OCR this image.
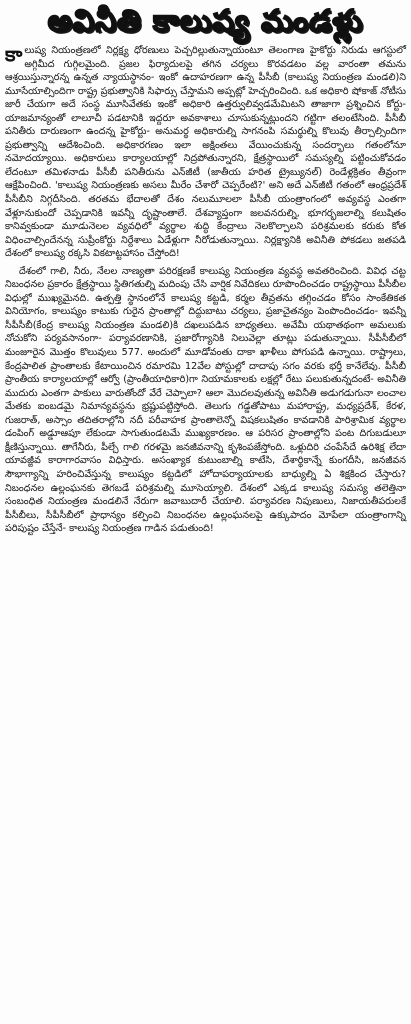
అవినీతి కాలుష్య మండళ్లు

కాలుష్య నియంత్రణలో నిర్లక్ష్య ధోరణులు పెచ్చరిల్లుతున్నాయంటూ తెలంగాణ హైకోర్టు నిరుడు ఆగస్టులో అగ్గిమీద గుగ్గిలమైంది. ప్రజల ఫిర్యాదులపై తగిన చర్యలు కొరవడటం వల్ల వారంతా తమను ఆశ్రయిస్తున్నారన్న ఉన్నత న్యాయస్థానం- ఇంకో ఉదాహరణగా ఉన్న పీసీబీ (కాలుష్య నియంత్రణ మండలి)ని మూసేయాల్సిందిగా రాష్ట్ర ప్రభుత్వానికి సిఫార్సు చేస్తామని అప్పట్లో హెచ్చరించింది. ఒక అధికారి షోకాజ్ నోటీసు జారీ చేయగా అదే సంస్థ మూసివేతకు ఇంకో అధికారి ఉత్తర్వులివ్వడమేమిటని తాజాగా ప్రశ్నించిన కోర్టు- యాజమాన్యంతో లాలూచీ పడటానికి ఇద్దరూ అవకాశాలు చూసుకున్నట్లుందని గట్టిగా తలంటేసింది. పీసీబీ పనితీరు దారుణంగా ఉందన్న హైకోర్టు- అనుమర్థ అధికారుల్ని సాగనంపి సమర్థుల్ని కొలువు తీర్చాల్సిందిగా ప్రభుత్వాన్ని ఆదేశించింది. అధికారగణం ఇలా అక్షింతలు వేయించుకున్న సందర్భాలు గతంలోనూ నమోదయ్యాయి. అధికారులు కార్యాలయాల్లో నిద్రపోతున్నారని, క్షేత్రస్థాయిలో సమస్యల్ని పట్టించుకోవడం లేదంటూ తమిళనాడు పీసీబీ పనితీరును ఎన్‌జీటీ (జాతీయ హరిత ట్రైబ్యునల్) రెండేళ్లక్రితం తీవ్రంగా ఆక్షేపించింది. 'కాలుష్య నియంత్రణకు అసలు మీరేం చేశారో చెప్పరేంటి?' అని అదే ఎన్‌జీటీ గతంలో ఆంధ్రప్రదేశ్ పీసీబీని నిగ్గదీసింది. తరతమ భేదాలతో దేశం నలుమూలలా పీసీబీ యంత్రాంగంలో అవ్యవస్థ ఎంతగా వేళ్లూనుకుందో చెప్పడానికి ఇవన్నీ దృష్టాంతాలే. దేశవ్యాప్తంగా జలవనరుల్ని, భూగర్భజలాల్ని కలుషితం కానివ్వకుండా మూడునెలల వ్యవధిలో వ్యర్థాల శుద్ధి కేంద్రాలు నెలకొల్పాలని పరిశ్రమలకు కరుకు కోత విధించాల్సిందేనన్న సుప్రీంకోర్టు నిర్దేశాలు ఏడేళ్లుగా నీరోడుతున్నాయి. నిర్లక్ష్యానికి అవినీతి పోకడలు జతపడి దేశంలో కాలుష్య రక్కసి వికటాట్టహాసం చేస్తోంది!

దేశంలో గాలి, నీరు, నేలల నాణ్యతా పరిరక్షణకే కాలుష్య నియంత్రణ వ్యవస్థ అవతరించింది. వివిధ చట్ట నిబంధనల ప్రకారం క్షేత్రస్థాయి స్థితిగతుల్ని మదింపు చేసి వార్షిక నివేదికలు రూపొందించడం రాష్ట్రస్థాయి పీసీబీల విధుల్లో ముఖ్యమైనది. ఉత్పత్తి స్థానంలోనే కాలుష్య కట్టడి, కర్మల తీవ్రతను తగ్గించడం కోసం సాంకేతికత వినియోగం, కాలుష్యం కాటుకు గురైన ప్రాంతాల్లో దిద్దుబాటు చర్యలు, ప్రజాచైతన్యం పెంపొందించడం- ఇవన్నీ సీపీసీబీ(కేంద్ర కాలుష్య నియంత్రణ మండలి)కి దఖలుపడిన బాధ్యతలు. అవేమీ యథాతథంగా అమలుకు నోచుకోని పర్యవసానంగా- పర్యావరణానికి, ప్రజారోగ్యానికి నిలువెల్లా తూట్లు పడుతున్నాయి. సీపీసీబీలో మంజూరైన మొత్తం కొలువులు 577. అందులో మూడోవంతు దాకా ఖాళీలు పోగుపడి ఉన్నాయి. రాష్ట్రాలు, కేంద్రపాలిత ప్రాంతాలకు కేటాయించిన రమారమి 12వేల పోస్టుల్లో దాదాపు సగం వరకు భర్తీ కానేలేవు. పీసీబీ ప్రాంతీయ కార్యాలయాల్లో ఆర్వో (ప్రాంతీయాధికారి)గా నియామకాలకు లక్షల్లో రేటు పలుకుతున్నదంటే- అవినీతి ముదురు ఎంతగా పాకులు వారుతోందో వేరే చెప్పాలా? ఆలా మొదలవుతున్న అవినీతి అడుగడుగునా లంచాల మేతకు ఐంబడమై నిమాన్యవస్థను భ్రష్టుపట్టిస్తోంది. తెలుగు గడ్డతోపాటు మహారాష్ట్ర, మధ్యప్రదేశ్, కేరళ, గుజరాత్, అస్సాం తదితరాల్లోని నదీ పరీవాహక ప్రాంతాలెన్నో విషకలుషితం కావడానికి పారిశ్రామిక వ్యర్థాల డంపింగ్ అడ్డూఆపూ లేకుండా సాగుతుండటమే ముఖ్యకారణం. ఆ పరిసర ప్రాంతాల్లోని పంట దిగుబడులూ క్షీణిస్తున్నాయి. తాగేనీరు, పీల్చే గాలి గరళమై జనజీవనాన్ని కృశింపజేస్తోంది. ఒళ్లుదిరి చంపేసేదే ఉరిశిక్ష లేదా యావజ్జీవ కారాగారవాసం విధిస్తారు. అసంఖ్యాక కుటుంబాల్ని కాటేసి, దేశార్థికాన్నే కుంగదీసి, జనజీవన సౌభాగ్యాన్ని హరించివేస్తున్న కాలుష్యం కట్టడిలో హోదాపర్యాయాలకు బాధ్యుల్ని ఏ శిక్షకింద చేస్తారు? నిబంధనల ఉల్లంఘనకు తెగబడే పరిశ్రమల్ని మూసెయ్యాలి. దేశంలో ఎక్కడ కాలుష్య సమస్య తలెత్తినా సంబంధిత నియంత్రణ మండలినే నేరుగా జవాబుదారీ చేయాలి. పర్యావరణ నిపుణులు, నిజాయతీపరులకే పీసీబీలు, సీపీసీబీలో ప్రాధాన్యం కల్పించి నిబంధనల ఉల్లంఘనలపై ఉక్కుపాదం మోపేలా యంత్రాంగాన్ని పరిపుష్టం చేస్తేనే- కాలుష్య నియంత్రణ గాడిన పడుతుంది!
